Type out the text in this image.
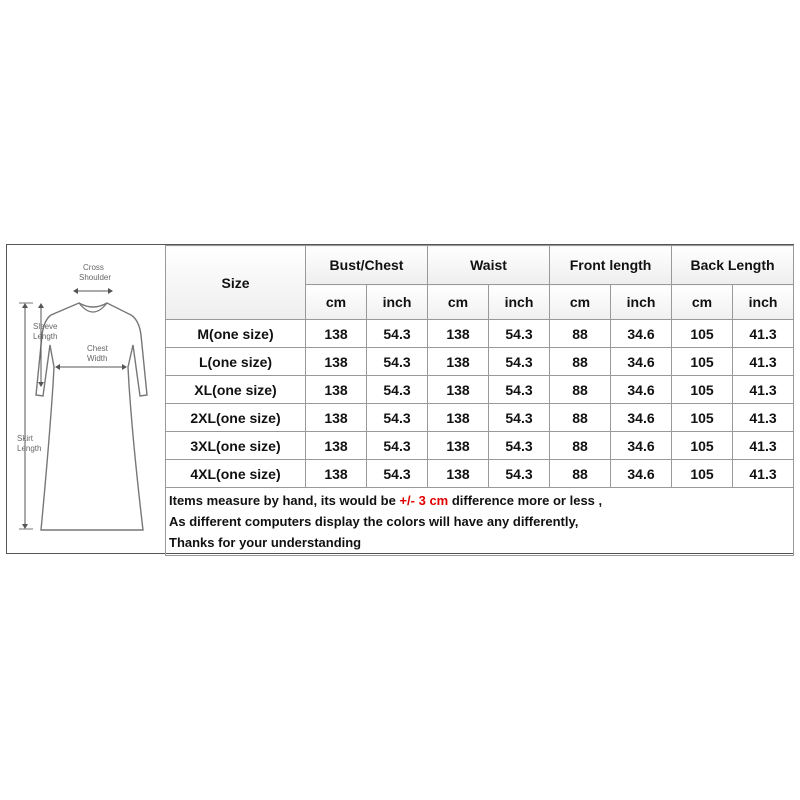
Cross
Shoulder
Sleeve
Length
Chest
Width
Skirt
Length
Size	Bust/Chest		Waist		Front length		Back Length	
	cm	inch	cm	inch	cm	inch	cm	inch
M(one size)	138	54.3	138	54.3	88	34.6	105	41.3
L(one size)	138	54.3	138	54.3	88	34.6	105	41.3
XL(one size)	138	54.3	138	54.3	88	34.6	105	41.3
2XL(one size)	138	54.3	138	54.3	88	34.6	105	41.3
3XL(one size)	138	54.3	138	54.3	88	34.6	105	41.3
4XL(one size)	138	54.3	138	54.3	88	34.6	105	41.3

Items measure by hand, its would be +/- 3 cm difference more or less ,
As different computers display the colors will have any differently,
Thanks for your understanding								
